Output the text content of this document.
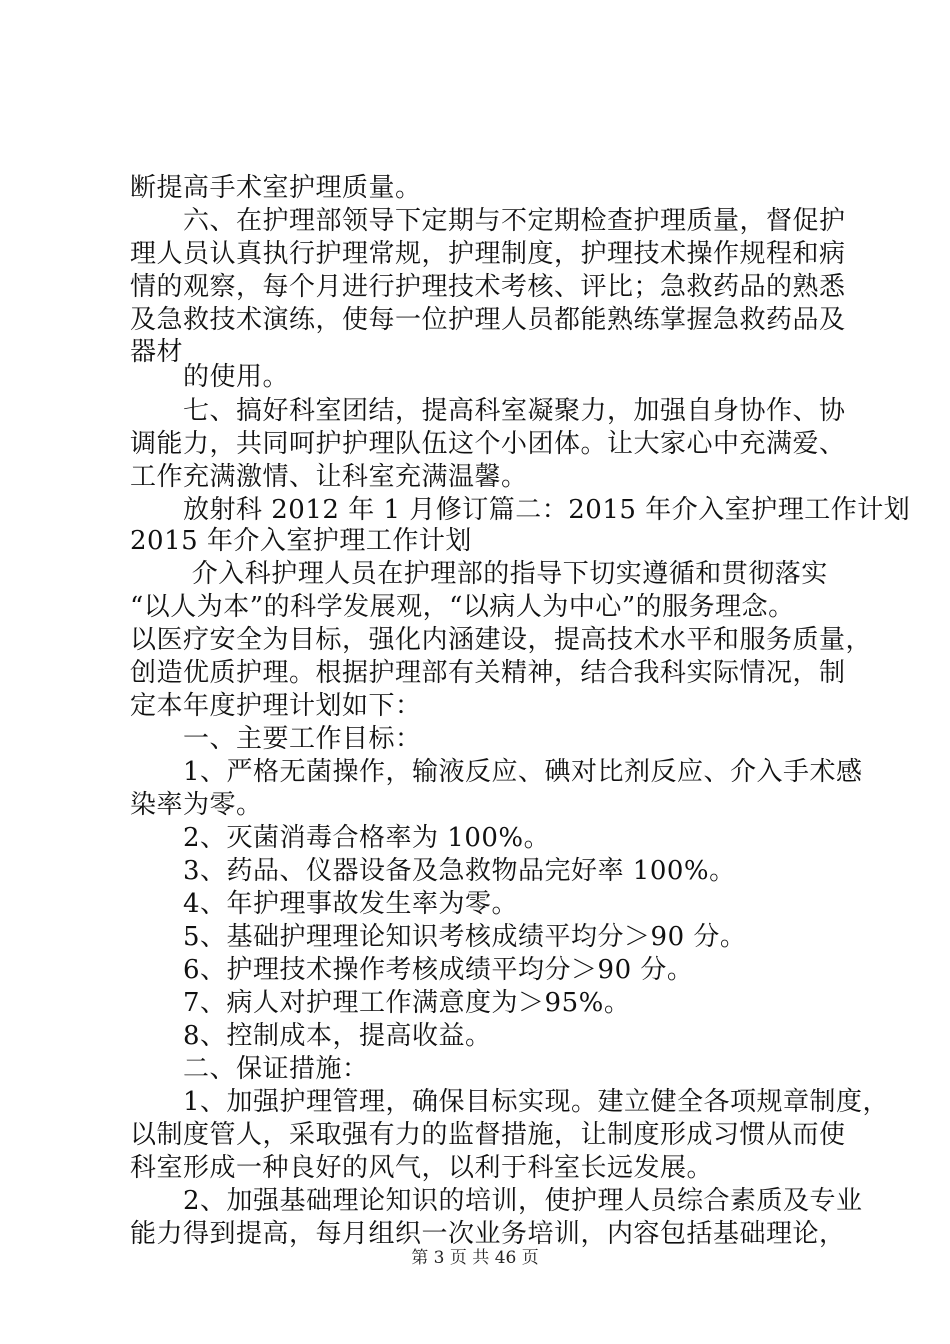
断提高手术室护理质量。
　　六、在护理部领导下定期与不定期检查护理质量，督促护
理人员认真执行护理常规，护理制度，护理技术操作规程和病
情的观察，每个月进行护理技术考核、评比；急救药品的熟悉
及急救技术演练，使每一位护理人员都能熟练掌握急救药品及
器材
　　的使用。
　　七、搞好科室团结，提高科室凝聚力，加强自身协作、协
调能力，共同呵护护理队伍这个小团体。让大家心中充满爱、
工作充满激情、让科室充满温馨。
　　放射科 2012 年 1 月修订篇二：2015 年介入室护理工作计划
2015 年介入室护理工作计划
　　 介入科护理人员在护理部的指导下切实遵循和贯彻落实
“以人为本”的科学发展观，“以病人为中心”的服务理念。
以医疗安全为目标，强化内涵建设，提高技术水平和服务质量，
创造优质护理。根据护理部有关精神，结合我科实际情况，制
定本年度护理计划如下：
　　一、主要工作目标：
　　1、严格无菌操作，输液反应、碘对比剂反应、介入手术感
染率为零。
　　2、灭菌消毒合格率为 100%。
　　3、药品、仪器设备及急救物品完好率 100%。
　　4、年护理事故发生率为零。
　　5、基础护理理论知识考核成绩平均分＞90 分。
　　6、护理技术操作考核成绩平均分＞90 分。
　　7、病人对护理工作满意度为＞95%。
　　8、控制成本，提高收益。
　　二、保证措施：
　　1、加强护理管理，确保目标实现。建立健全各项规章制度，
以制度管人，采取强有力的监督措施，让制度形成习惯从而使
科室形成一种良好的风气，以利于科室长远发展。
　　2、加强基础理论知识的培训，使护理人员综合素质及专业
能力得到提高，每月组织一次业务培训，内容包括基础理论，
第 3 页 共 46 页
